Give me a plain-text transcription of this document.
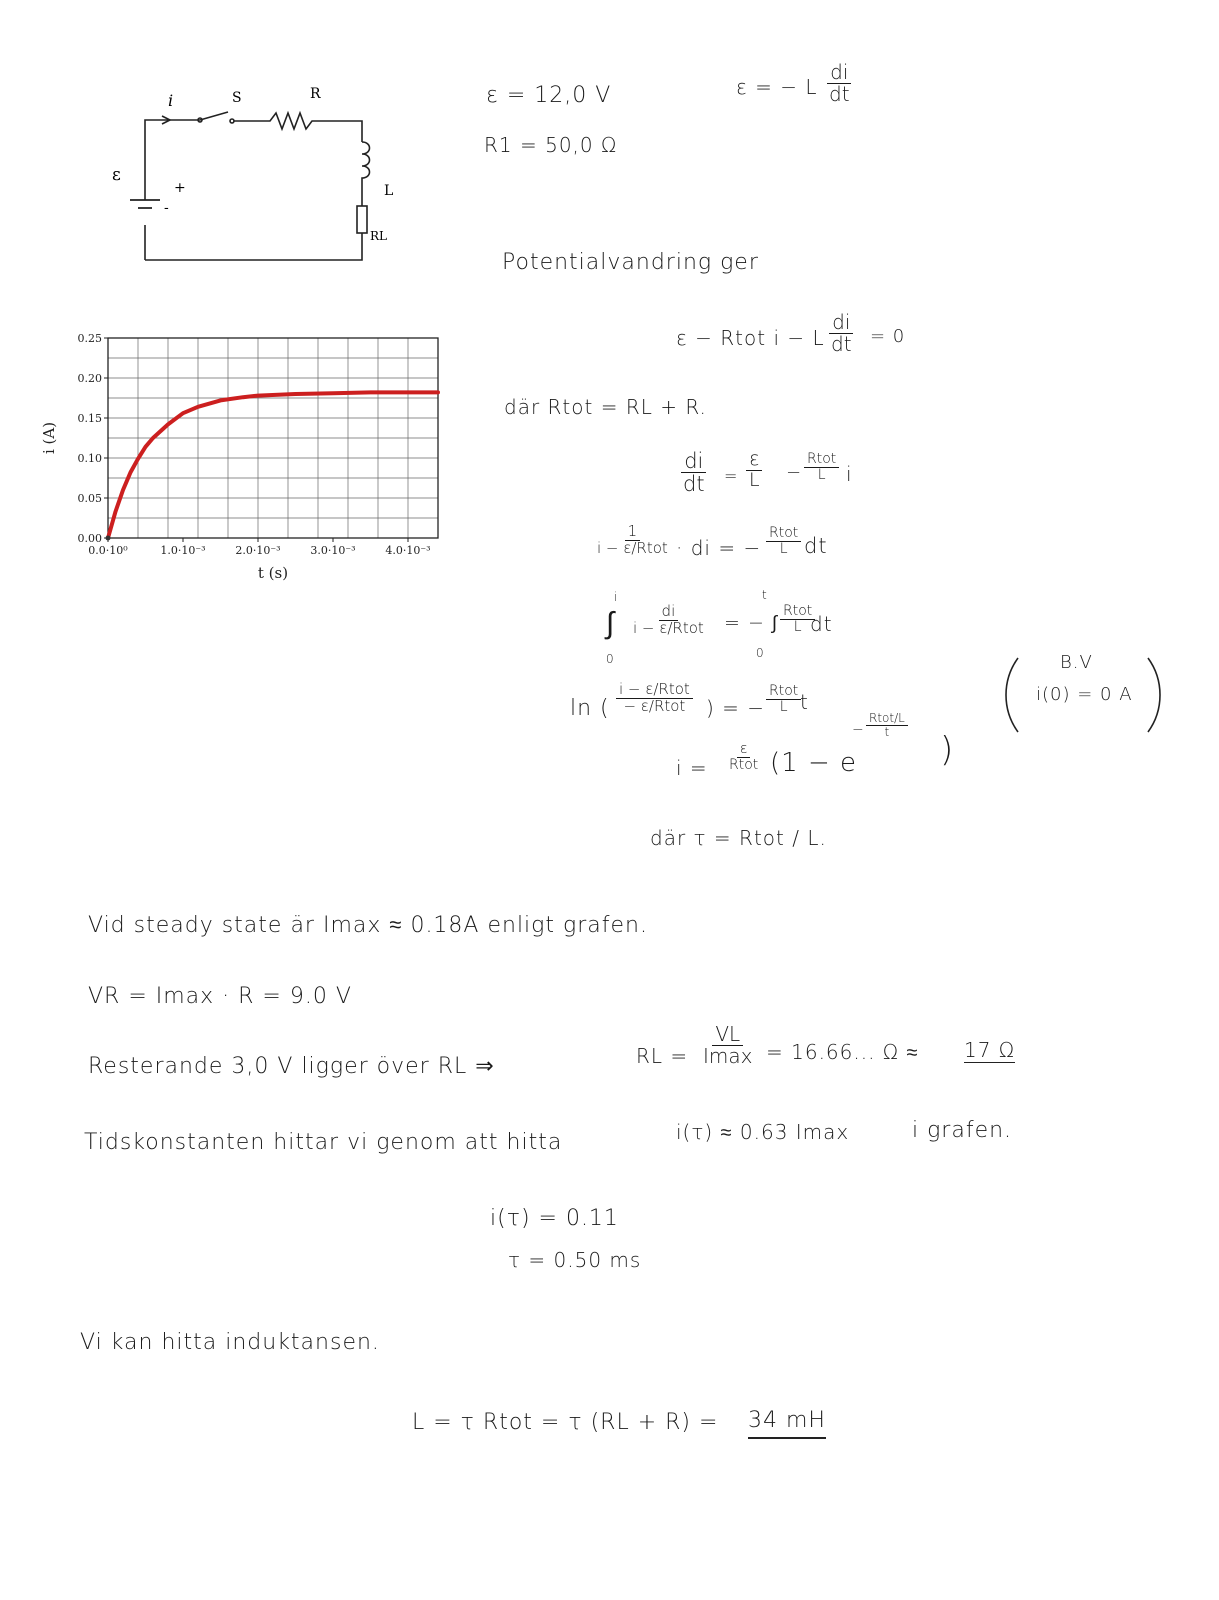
ε
+
-
i	S	R
L
RL
0.0·10⁰	1.0·10⁻³	2.0·10⁻³	3.0·10⁻³	4.0·10⁻³
0.00
0.05
0.10
0.15
0.20
0.25
t (s)
i (A)
ε = 12,0 V
R1 = 50,0 Ω
ε = − L $\frac{di}{dt}$
Potentialvandring ger
ε − Rtot i − L $\frac{di}{dt} = 0$
där Rtot = RL + R.
$\frac{di}{dt} = \frac{\varepsilon}{L}$ −
Rtot
L i
1
i − ε/Rtot · di = −
Rtot
L dt
∫
i
0
di
i − ε/Rtot = − ∫
t
0
Rtot
L dt
ln (
i − ε/Rtot
− ε/Rtot ) = −
Rtot
L t
B.V
i(0) = 0 A
i =
ε
Rtot (1 − e
−
Rtot/L
t )
där τ = Rtot / L.
Vid steady state är Imax ≈ 0.18A enligt grafen.
VR = Imax · R = 9.0 V
Resterande 3,0 V ligger över RL ⇒	RL =
VL
Imax = 16.66... Ω ≈ 17 Ω
Tidskonstanten hittar vi genom att hitta	i(τ) ≈ 0.63 Imax	i grafen.
i(τ) = 0.11
τ = 0.50 ms
Vi kan hitta induktansen.
L = τ Rtot = τ (RL + R) = 34 mH
